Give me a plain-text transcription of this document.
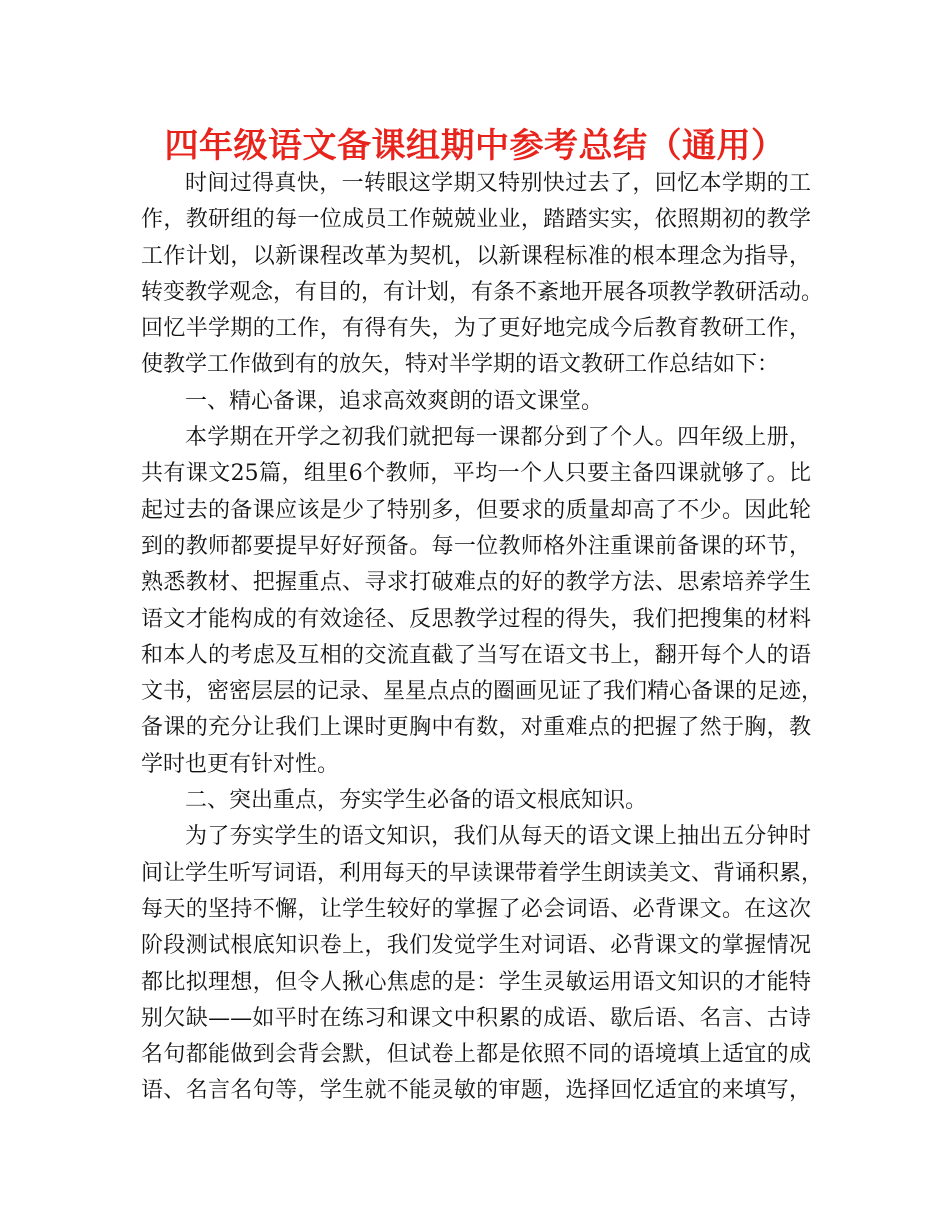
四年级语文备课组期中参考总结（通用）
时间过得真快，一转眼这学期又特别快过去了，回忆本学期的工
作，教研组的每一位成员工作兢兢业业，踏踏实实，依照期初的教学
工作计划，以新课程改革为契机，以新课程标准的根本理念为指导，
转变教学观念，有目的，有计划，有条不紊地开展各项教学教研活动。
回忆半学期的工作，有得有失，为了更好地完成今后教育教研工作，
使教学工作做到有的放矢，特对半学期的语文教研工作总结如下：
一、精心备课，追求高效爽朗的语文课堂。
本学期在开学之初我们就把每一课都分到了个人。四年级上册，
共有课文25篇，组里6个教师，平均一个人只要主备四课就够了。比
起过去的备课应该是少了特别多，但要求的质量却高了不少。因此轮
到的教师都要提早好好预备。每一位教师格外注重课前备课的环节，
熟悉教材、把握重点、寻求打破难点的好的教学方法、思索培养学生
语文才能构成的有效途径、反思教学过程的得失，我们把搜集的材料
和本人的考虑及互相的交流直截了当写在语文书上，翻开每个人的语
文书，密密层层的记录、星星点点的圈画见证了我们精心备课的足迹，
备课的充分让我们上课时更胸中有数，对重难点的把握了然于胸，教
学时也更有针对性。
二、突出重点，夯实学生必备的语文根底知识。
为了夯实学生的语文知识，我们从每天的语文课上抽出五分钟时
间让学生听写词语，利用每天的早读课带着学生朗读美文、背诵积累，
每天的坚持不懈，让学生较好的掌握了必会词语、必背课文。在这次
阶段测试根底知识卷上，我们发觉学生对词语、必背课文的掌握情况
都比拟理想，但令人揪心焦虑的是：学生灵敏运用语文知识的才能特
别欠缺——如平时在练习和课文中积累的成语、歇后语、名言、古诗
名句都能做到会背会默，但试卷上都是依照不同的语境填上适宜的成
语、名言名句等，学生就不能灵敏的审题，选择回忆适宜的来填写，
